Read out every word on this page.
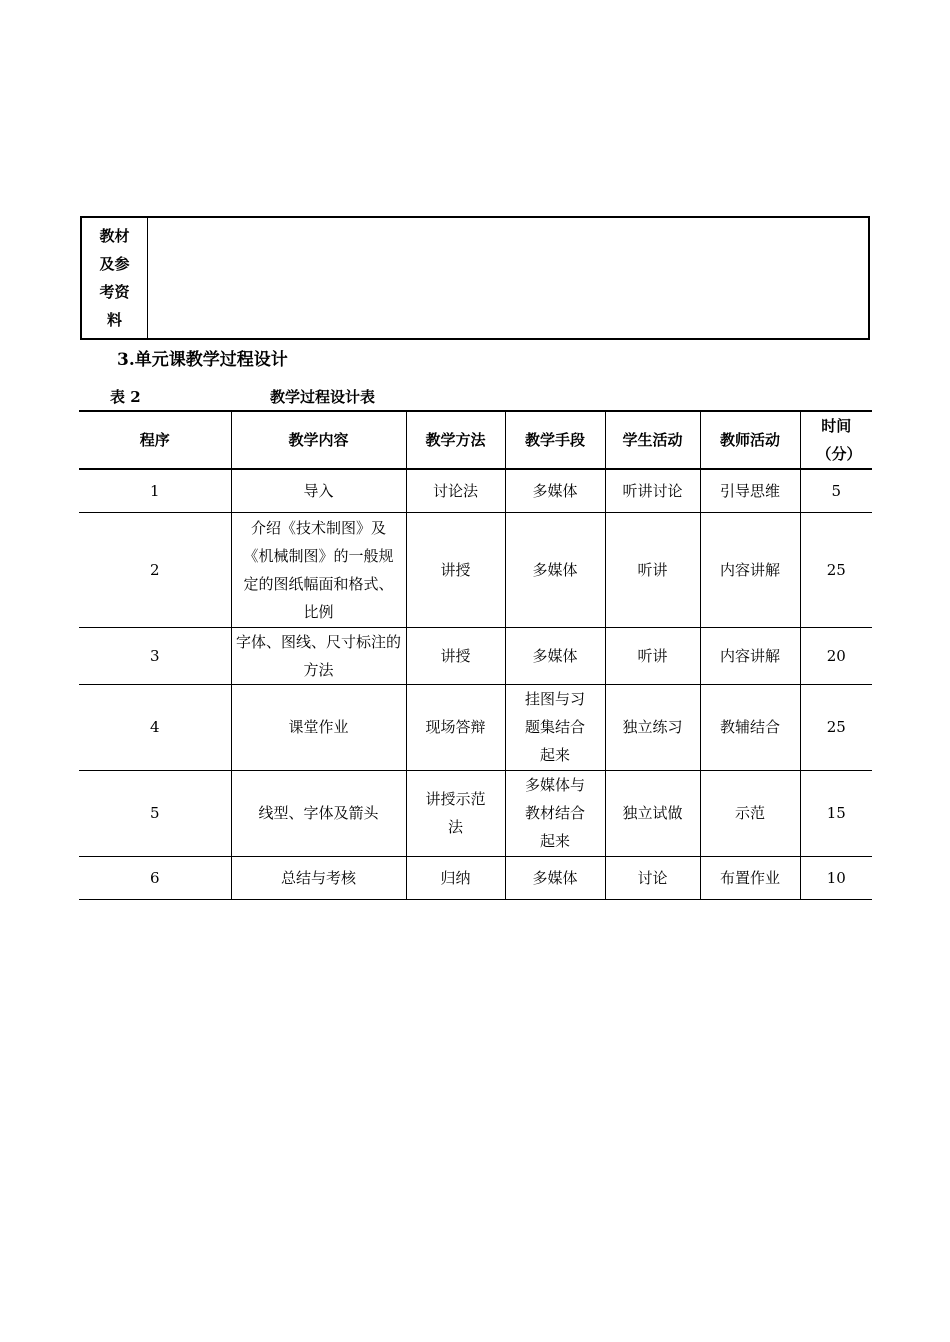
教材
及参
考资
料
3.单元课教学过程设计
表 2	教学过程设计表
程序	教学内容	教学方法	教学手段	学生活动	教师活动	时间（分）
1	导入	讨论法	多媒体	听讲讨论	引导思维	5
2	介绍《技术制图》及《机械制图》的一般规定的图纸幅面和格式、比例	讲授	多媒体	听讲	内容讲解	25
3	字体、图线、尺寸标注的方法	讲授	多媒体	听讲	内容讲解	20
4	课堂作业	现场答辩	挂图与习题集结合起来	独立练习	教辅结合	25
5	线型、字体及箭头	讲授示范法	多媒体与教材结合起来	独立试做	示范	15
6	总结与考核	归纳	多媒体	讨论	布置作业	10
